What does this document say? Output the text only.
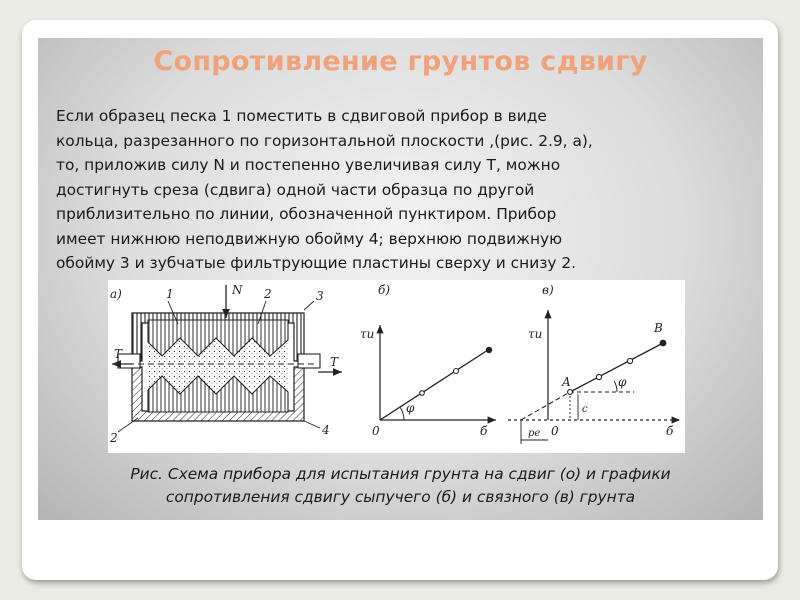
Сопротивление грунтов сдвигу
Если образец песка 1 поместить в сдвиговой прибор в виде
кольца, разрезанного по горизонтальной плоскости ,(рис. 2.9, а),
то, приложив силу N и постепенно увеличивая силу Т, можно
достигнуть среза (сдвига) одной части образца по другой
приблизительно по линии, обозначенной пунктиром. Прибор
имеет нижнюю неподвижную обойму 4; верхнюю подвижную
обойму 3 и зубчатые фильтрующие пластины сверху и снизу 2.
а)	N
T
T
1	2	3
2
4
б)
τu
б
0
φ
в)
τu
б
0
φ
A
B
c
pe
Рис. Схема прибора для испытания грунта на сдвиг (о) и графики
сопротивления сдвигу сыпучего (б) и связного (в) грунта
